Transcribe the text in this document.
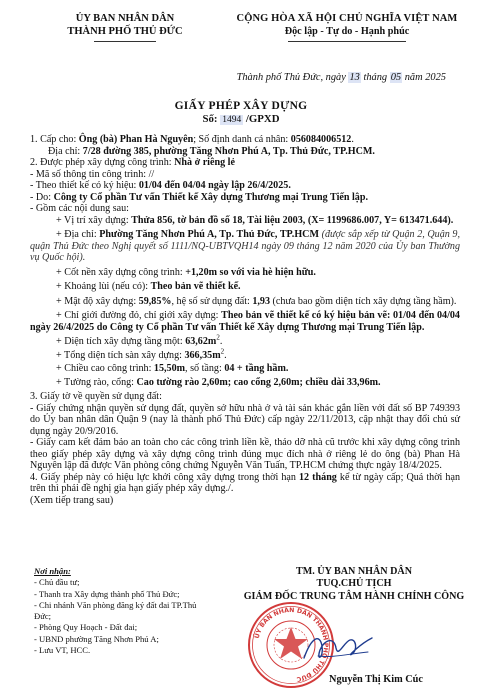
ỦY BAN NHÂN DÂN
THÀNH PHỐ THỦ ĐỨC
CỘNG HÒA XÃ HỘI CHỦ NGHĨA VIỆT NAM
Độc lập - Tự do - Hạnh phúc
Thành phố Thủ Đức, ngày 13 tháng 05 năm 2025
GIẤY PHÉP XÂY DỰNG
Số: 1494 /GPXD

1. Cấp cho: Ông (bà) Phan Hà Nguyên; Số định danh cá nhân: 056084006512.

Địa chỉ: 7/28 đường 385, phường Tăng Nhơn Phú A, Tp. Thủ Đức, TP.HCM.

2. Được phép xây dựng công trình: Nhà ở riêng lẻ

- Mã số thông tin công trình: //

- Theo thiết kế có ký hiệu: 01/04 đến 04/04 ngày lập 26/4/2025.

- Do: Công ty Cổ phần Tư vấn Thiết kế Xây dựng Thương mại Trung Tiến lập.

- Gồm các nội dung sau:

+ Vị trí xây dựng: Thửa 856, tờ bản đồ số 18, Tài liệu 2003, (X= 1199686.007, Y= 613471.644).

+ Địa chỉ: Phường Tăng Nhơn Phú A, Tp. Thủ Đức, TP.HCM (được sắp xếp từ Quận 2, Quận 9, quận Thủ Đức theo Nghị quyết số 1111/NQ-UBTVQH14 ngày 09 tháng 12 năm 2020 của Ủy ban Thường vụ Quốc hội).

+ Cốt nền xây dựng công trình: +1,20m so với via hè hiện hữu.

+ Khoảng lùi (nếu có): Theo bản vẽ thiết kế.

+ Mật độ xây dựng: 59,85%, hệ số sử dụng đất: 1,93 (chưa bao gồm diện tích xây dựng tầng hầm).

+ Chỉ giới đường đỏ, chỉ giới xây dựng: Theo bản vẽ thiết kế có ký hiệu bản vẽ: 01/04 đến 04/04 ngày 26/4/2025 do Công ty Cổ phần Tư vấn Thiết kế Xây dựng Thương mại Trung Tiến lập.

+ Diện tích xây dựng tầng một: $63,62m^2$.

+ Tổng diện tích sàn xây dựng: $366,35m^2$.

+ Chiều cao công trình: 15,50m, số tầng: 04 + tầng hầm.

+ Tường rào, cổng: Cao tường rào 2,60m; cao cổng 2,60m; chiều dài 33,96m.

3. Giấy tờ về quyền sử dụng đất:

- Giấy chứng nhận quyền sử dụng đất, quyền sở hữu nhà ở và tài sản khác gắn liền với đất số BP 749393 do Ủy ban nhân dân Quận 9 (nay là thành phố Thủ Đức) cấp ngày 22/11/2013, cập nhật thay đổi chủ sử dụng ngày 20/9/2016.

- Giấy cam kết đảm bảo an toàn cho các công trình liền kề, tháo dỡ nhà cũ trước khi xây dựng công trình theo giấy phép xây dựng và xây dựng công trình đúng mục đích nhà ở riêng lẻ do ông (bà) Phan Hà Nguyên lập đã được Văn phòng công chứng Nguyễn Văn Tuấn, TP.HCM chứng thực ngày 18/4/2025.

4. Giấy phép này có hiệu lực khởi công xây dựng trong thời hạn 12 tháng kể từ ngày cấp; Quá thời hạn trên thì phải đề nghị gia hạn giấy phép xây dựng./.

(Xem tiếp trang sau)

Nơi nhận:
- Chủ đầu tư;
- Thanh tra Xây dựng thành phố Thủ Đức;
- Chi nhánh Văn phòng đăng ký đất đai TP.Thủ Đức;
- Phòng Quy Hoạch - Đất đai;
- UBND phường Tăng Nhơn Phú A;
- Lưu VT, HCC.
TM. ỦY BAN NHÂN DÂN
TUQ.CHỦ TỊCH
GIÁM ĐỐC TRUNG TÂM HÀNH CHÍNH CÔNG
ỦY BAN NHÂN DÂN THÀNH PHỐ THỦ ĐỨC	Nguyễn Thị Kim Cúc
